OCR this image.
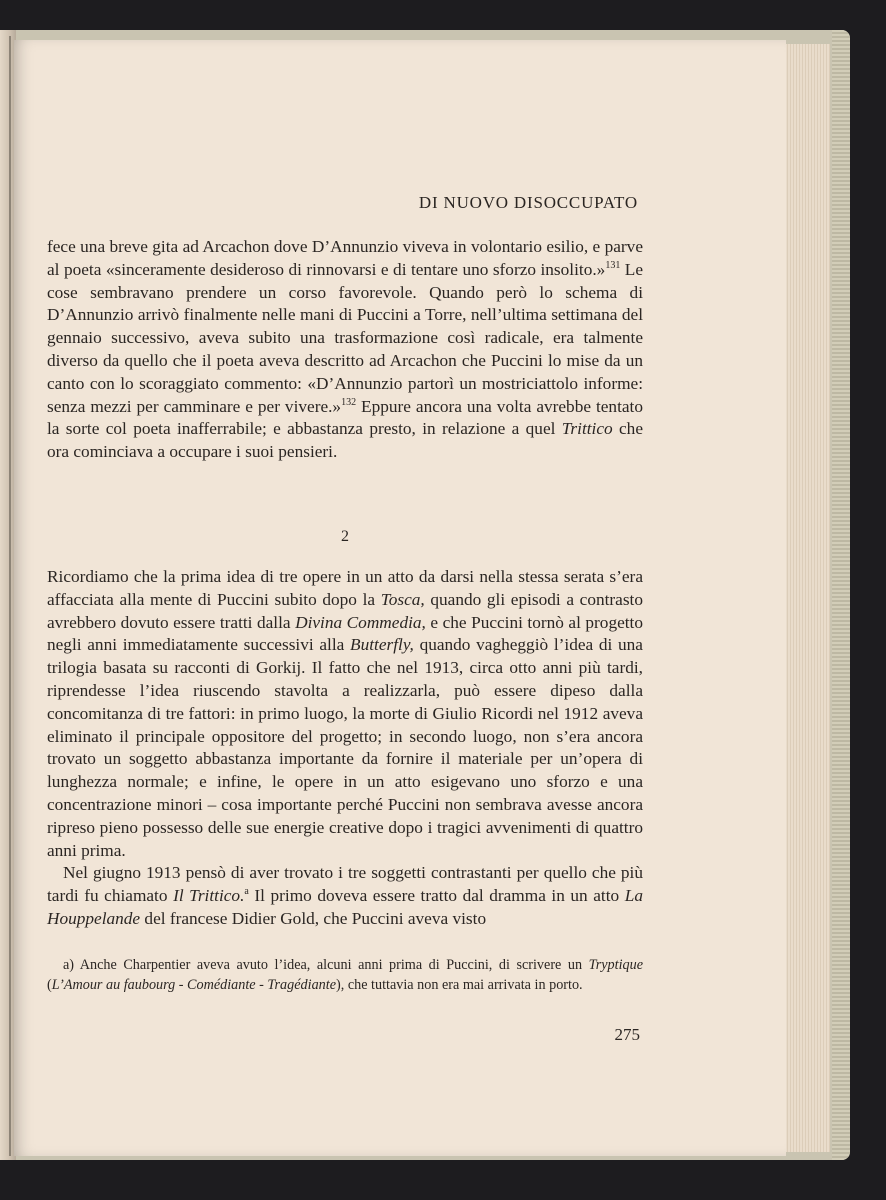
DI NUOVO DISOCCUPATO

fece una breve gita ad Arcachon dove D’Annunzio viveva in volontario esilio, e parve al poeta «sinceramente desideroso di rinnovarsi e di tentare uno sforzo insolito.»$^{131}$ Le cose sembravano prendere un corso favorevole. Quando però lo schema di D’Annunzio arrivò finalmente nelle mani di Puccini a Torre, nell’ultima settimana del gennaio successivo, aveva subito una trasformazione così radicale, era talmente diverso da quello che il poeta aveva descritto ad Arcachon che Puccini lo mise da un canto con lo scoraggiato commento: «D’Annunzio partorì un mostriciattolo informe: senza mezzi per camminare e per vivere.»$^{132}$ Eppure ancora una volta avrebbe tentato la sorte col poeta inafferrabile; e abbastanza presto, in relazione a quel Trittico che ora cominciava a occupare i suoi pensieri.

2

Ricordiamo che la prima idea di tre opere in un atto da darsi nella stessa serata s’era affacciata alla mente di Puccini subito dopo la Tosca, quando gli episodi a contrasto avrebbero dovuto essere tratti dalla Divina Commedia, e che Puccini tornò al progetto negli anni immediatamente successivi alla Butterfly, quando vagheggiò l’idea di una trilogia basata su racconti di Gorkij. Il fatto che nel 1913, circa otto anni più tardi, riprendesse l’idea riuscendo stavolta a realizzarla, può essere dipeso dalla concomitanza di tre fattori: in primo luogo, la morte di Giulio Ricordi nel 1912 aveva eliminato il principale oppositore del progetto; in secondo luogo, non s’era ancora trovato un soggetto abbastanza importante da fornire il materiale per un’opera di lunghezza normale; e infine, le opere in un atto esigevano uno sforzo e una concentrazione minori – cosa importante perché Puccini non sembrava avesse ancora ripreso pieno possesso delle sue energie creative dopo i tragici avvenimenti di quattro anni prima.

Nel giugno 1913 pensò di aver trovato i tre soggetti contrastanti per quello che più tardi fu chiamato Il Trittico.$^a$ Il primo doveva essere tratto dal dramma in un atto La Houppelande del francese Didier Gold, che Puccini aveva visto

a) Anche Charpentier aveva avuto l’idea, alcuni anni prima di Puccini, di scrivere un Tryptique (L’Amour au faubourg - Comédiante - Tragédiante), che tuttavia non era mai arrivata in porto.
275
